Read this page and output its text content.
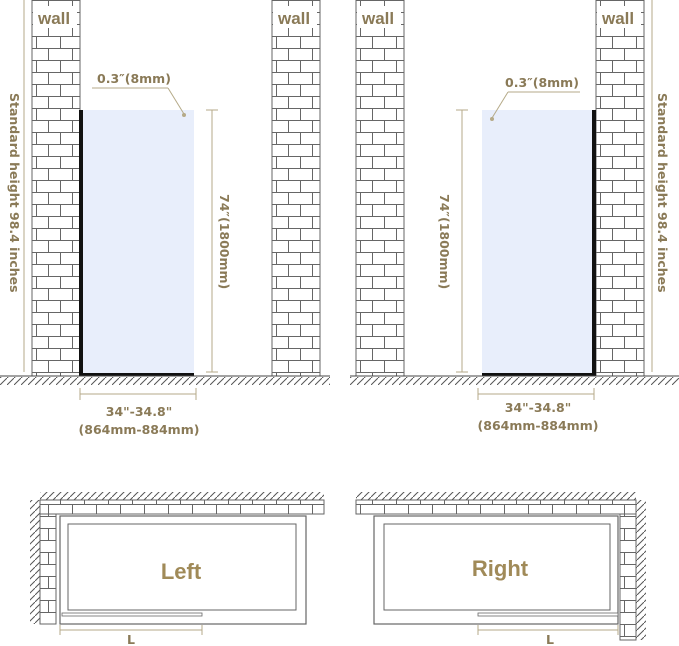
wall	wall
Standard height 98.4 inches
0.3″(8mm)
74″(1800mm)
34"-34.8"
(864mm-884mm)
wall	wall
Standard height 98.4 inches
0.3″(8mm)
74″(1800mm)
34"-34.8"
(864mm-884mm)
Left
L
Right
L
